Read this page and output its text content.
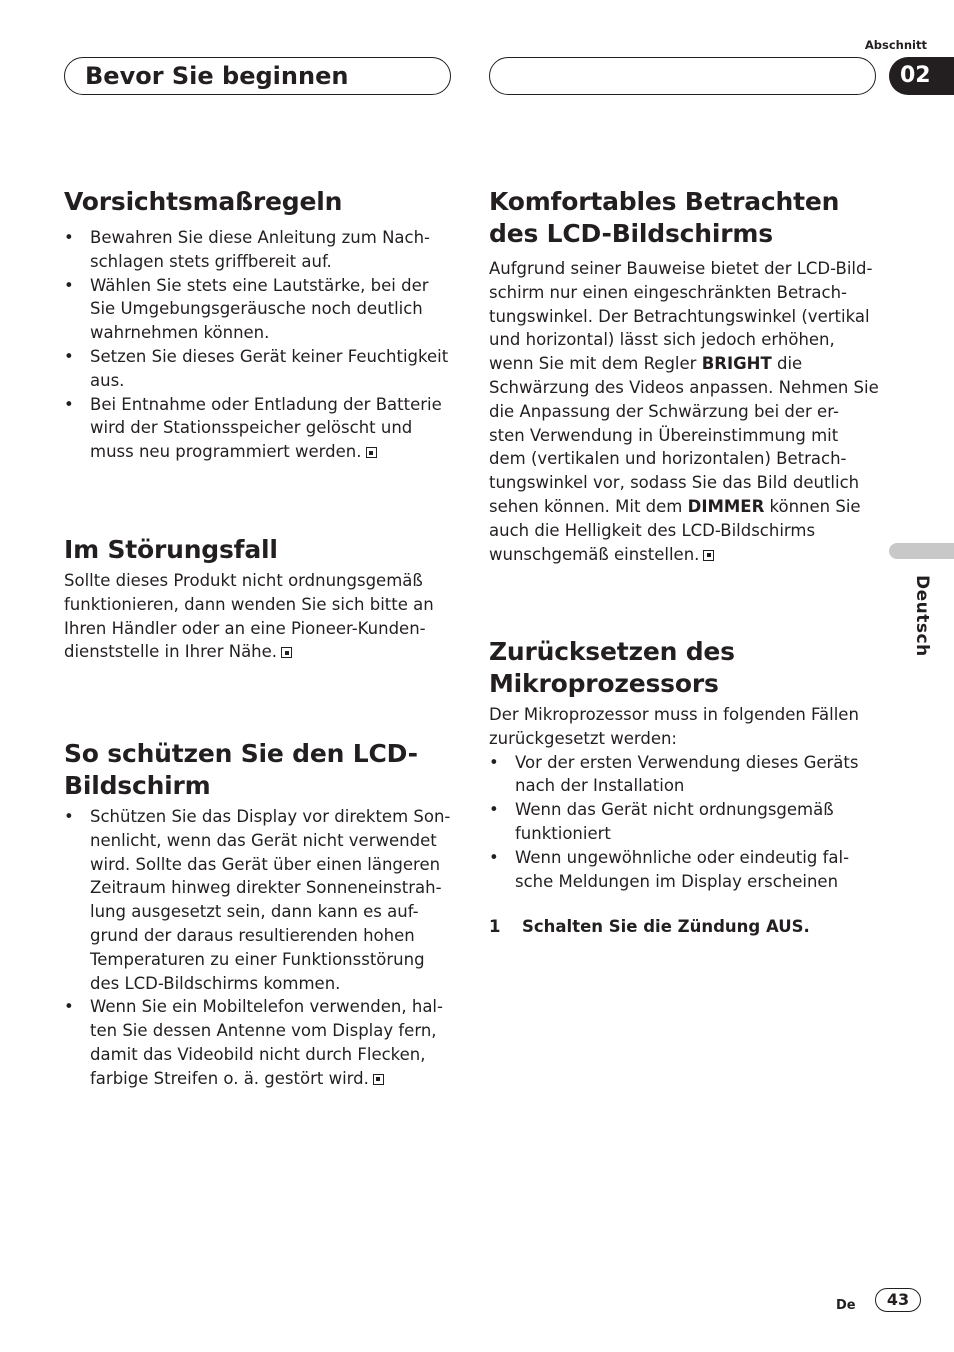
Bevor Sie beginnen
Abschnitt
02
Deutsch
Vorsichtsmaßregeln
• Bewahren Sie diese Anleitung zum Nach- schlagen stets griffbereit auf.
• Wählen Sie stets eine Lautstärke, bei der Sie Umgebungsgeräusche noch deutlich wahrnehmen können.
• Setzen Sie dieses Gerät keiner Feuchtigkeit aus.
• Bei Entnahme oder Entladung der Batterie wird der Stationsspeicher gelöscht und muss neu programmiert werden.
Im Störungsfall

Sollte dieses Produkt nicht ordnungsgemäß funktionieren, dann wenden Sie sich bitte an Ihren Händler oder an eine Pioneer-Kunden- dienststelle in Ihrer Nähe.

So schützen Sie den LCD- Bildschirm
• Schützen Sie das Display vor direktem Son- nenlicht, wenn das Gerät nicht verwendet wird. Sollte das Gerät über einen längeren Zeitraum hinweg direkter Sonneneinstrah- lung ausgesetzt sein, dann kann es auf- grund der daraus resultierenden hohen Temperaturen zu einer Funktionsstörung des LCD-Bildschirms kommen.
• Wenn Sie ein Mobiltelefon verwenden, hal- ten Sie dessen Antenne vom Display fern, damit das Videobild nicht durch Flecken, farbige Streifen o. ä. gestört wird.
Komfortables Betrachten des LCD-Bildschirms

Aufgrund seiner Bauweise bietet der LCD-Bild- schirm nur einen eingeschränkten Betrach- tungswinkel. Der Betrachtungswinkel (vertikal und horizontal) lässt sich jedoch erhöhen, wenn Sie mit dem Regler BRIGHT die Schwärzung des Videos anpassen. Nehmen Sie die Anpassung der Schwärzung bei der er- sten Verwendung in Übereinstimmung mit dem (vertikalen und horizontalen) Betrach- tungswinkel vor, sodass Sie das Bild deutlich sehen können. Mit dem DIMMER können Sie auch die Helligkeit des LCD-Bildschirms wunschgemäß einstellen.

Zurücksetzen des Mikroprozessors

Der Mikroprozessor muss in folgenden Fällen zurückgesetzt werden:

• Vor der ersten Verwendung dieses Geräts nach der Installation
• Wenn das Gerät nicht ordnungsgemäß funktioniert
• Wenn ungewöhnliche oder eindeutig fal- sche Meldungen im Display erscheinen
1 Schalten Sie die Zündung AUS.
De	43
